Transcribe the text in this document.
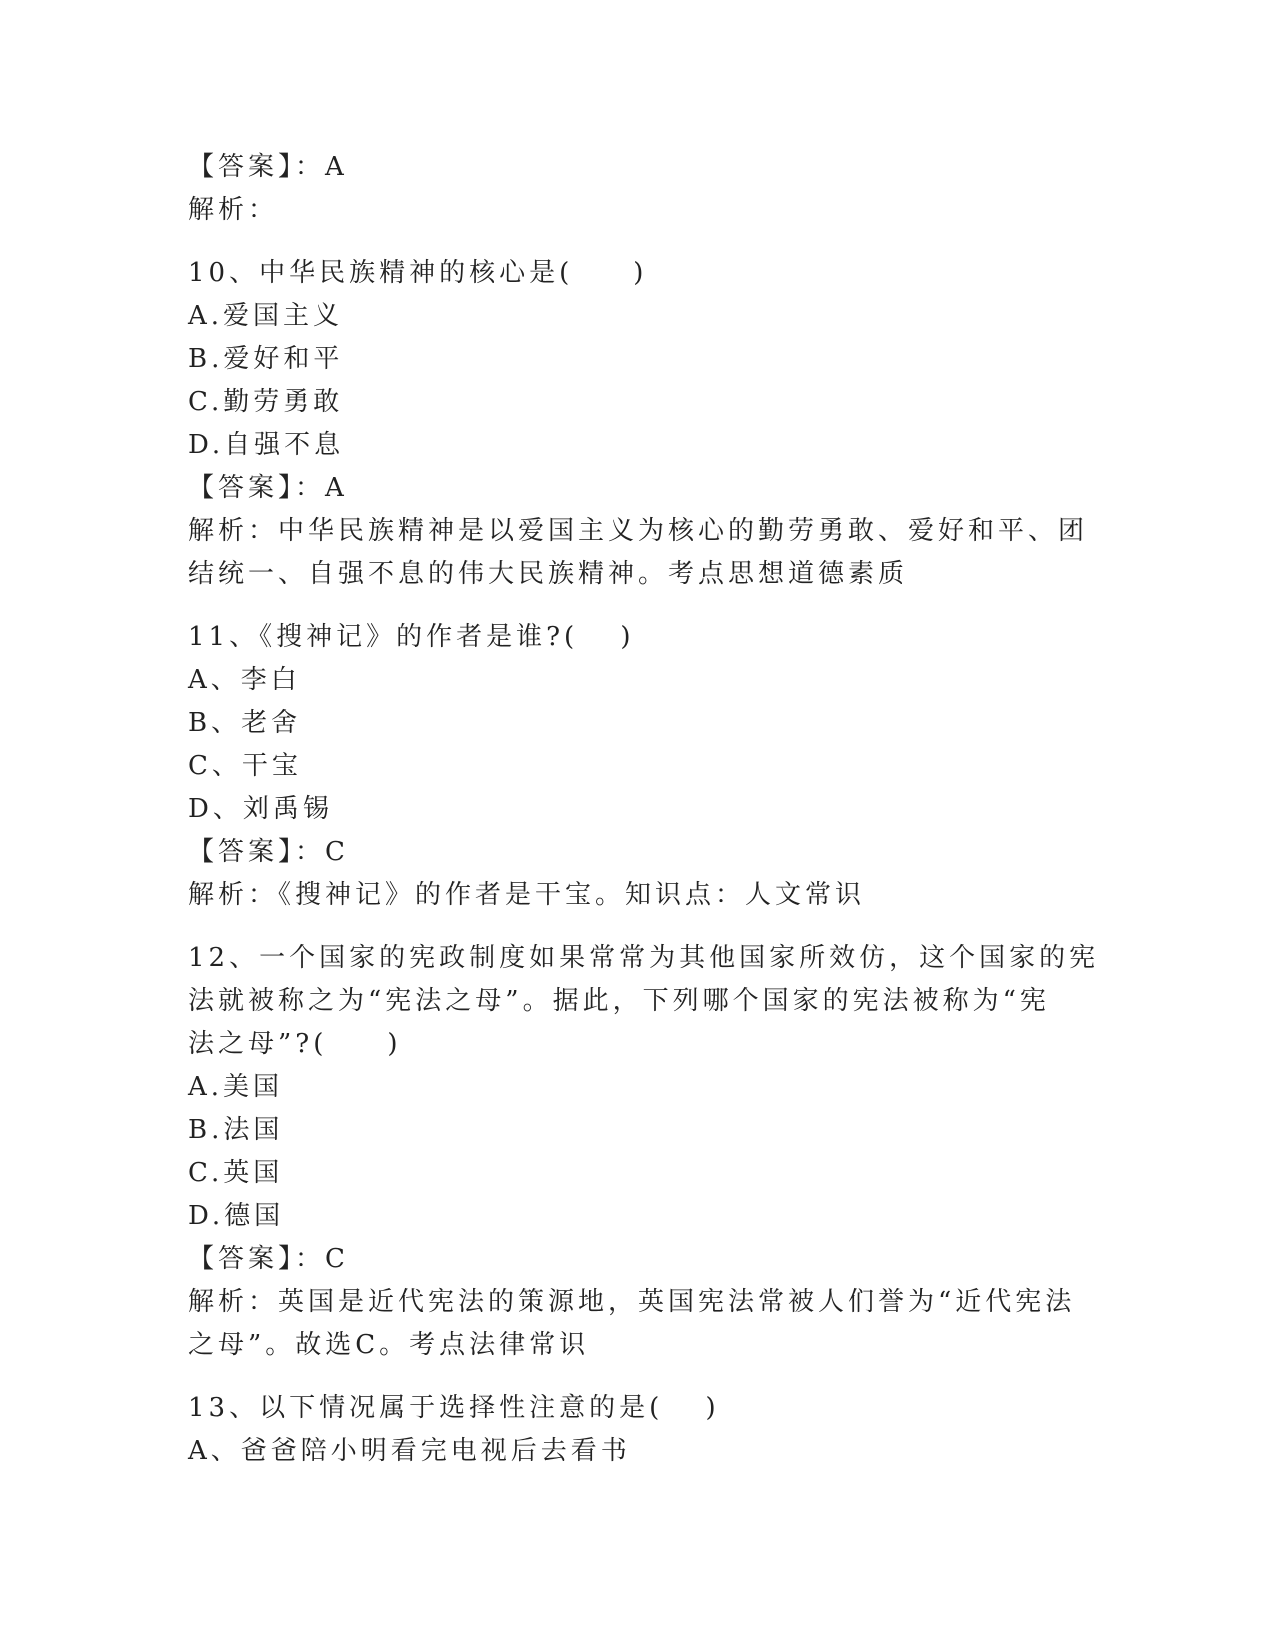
【答案】：A
解析：
10、中华民族精神的核心是(　　)
A.爱国主义
B.爱好和平
C.勤劳勇敢
D.自强不息
【答案】：A
解析：中华民族精神是以爱国主义为核心的勤劳勇敢、爱好和平、团
结统一、自强不息的伟大民族精神。考点思想道德素质
11、《搜神记》的作者是谁?(　 )
A、李白
B、老舍
C、干宝
D、刘禹锡
【答案】：C
解析：《搜神记》的作者是干宝。知识点：人文常识
12、一个国家的宪政制度如果常常为其他国家所效仿，这个国家的宪
法就被称之为“宪法之母”。据此，下列哪个国家的宪法被称为“宪
法之母”?(　　)
A.美国
B.法国
C.英国
D.德国
【答案】：C
解析：英国是近代宪法的策源地，英国宪法常被人们誉为“近代宪法
之母”。故选C。考点法律常识
13、以下情况属于选择性注意的是(　 )
A、爸爸陪小明看完电视后去看书
